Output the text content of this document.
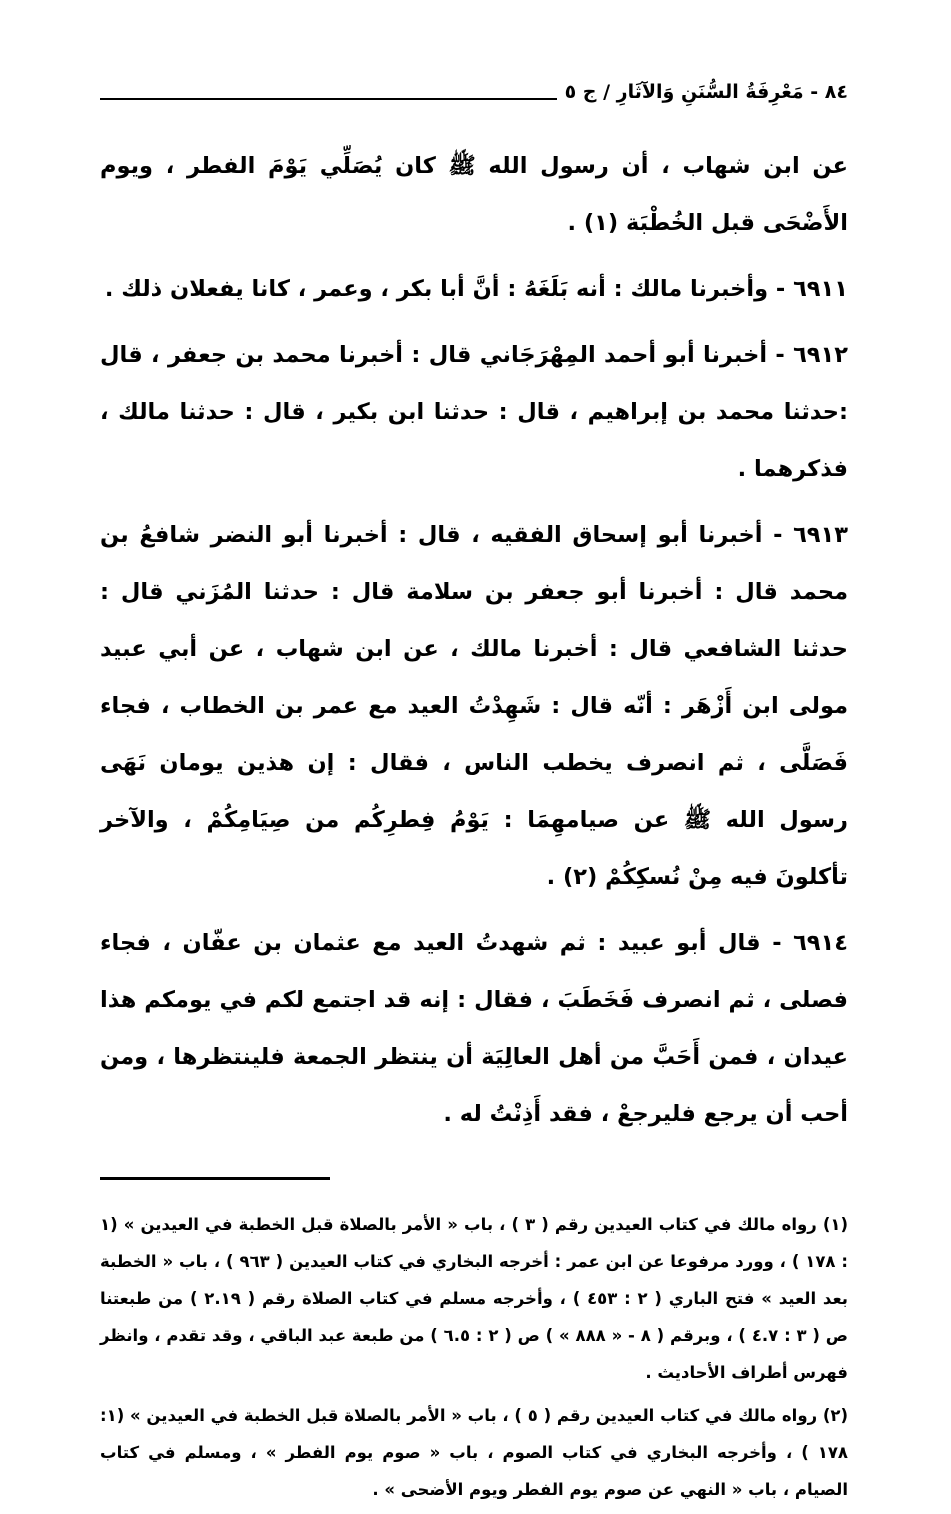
٨٤ - مَعْرِفَةُ السُّنَنِ وَالآثَارِ / ج ٥

عن ابن شهاب ، أن رسول الله ﷺ كان يُصَلِّي يَوْمَ الفطر ، ويوم الأَضْحَى قبل الخُطْبَة (١) .

٦٩١١ - وأخبرنا مالك : أنه بَلَغَهُ : أنَّ أبا بكر ، وعمر ، كانا يفعلان ذلك .

٦٩١٢ - أخبرنا أبو أحمد المِهْرَجَاني قال : أخبرنا محمد بن جعفر ، قال :حدثنا محمد بن إبراهيم ، قال : حدثنا ابن بكير ، قال : حدثنا مالك ، فذكرهما .

٦٩١٣ - أخبرنا أبو إسحاق الفقيه ، قال : أخبرنا أبو النضر شافعُ بن محمد قال : أخبرنا أبو جعفر بن سلامة قال : حدثنا المُزَني قال : حدثنا الشافعي قال : أخبرنا مالك ، عن ابن شهاب ، عن أبي عبيد مولى ابن أَزْهَر : أنّه قال : شَهِدْتُ العيد مع عمر بن الخطاب ، فجاء فَصَلَّى ، ثم انصرف يخطب الناس ، فقال : إن هذين يومان نَهَى رسول الله ﷺ عن صيامهِمَا : يَوْمُ فِطرِكُم من صِيَامِكُمْ ، والآخر تأكلونَ فيه مِنْ نُسكِكُمْ (٢) .

٦٩١٤ - قال أبو عبيد : ثم شهدتُ العيد مع عثمان بن عفّان ، فجاء فصلى ، ثم انصرف فَخَطَبَ ، فقال : إنه قد اجتمع لكم في يومكم هذا عيدان ، فمن أَحَبَّ من أهل العالِيَة أن ينتظر الجمعة فلينتظرها ، ومن أحب أن يرجع فليرجعْ ، فقد أَذِنْتُ له .

(١) رواه مالك في كتاب العيدين رقم ( ٣ ) ، باب « الأمر بالصلاة قبل الخطبة في العيدين » (١ : ١٧٨ ) ، وورد مرفوعا عن ابن عمر : أخرجه البخاري في كتاب العيدين ( ٩٦٣ ) ، باب « الخطبة بعد العيد » فتح الباري ( ٢ : ٤٥٣ ) ، وأخرجه مسلم في كتاب الصلاة رقم ( ٢.١٩ ) من طبعتنا ص ( ٣ : ٤.٧ ) ، وبرقم ( ٨ - « ٨٨٨ » ) ص ( ٢ : ٦.٥ ) من طبعة عبد الباقي ، وقد تقدم ، وانظر فهرس أطراف الأحاديث .

(٢) رواه مالك في كتاب العيدين رقم ( ٥ ) ، باب « الأمر بالصلاة قبل الخطبة في العيدين » (١: ١٧٨ ) ، وأخرجه البخاري في كتاب الصوم ، باب « صوم يوم الفطر » ، ومسلم في كتاب الصيام ، باب « النهي عن صوم يوم الفطر ويوم الأضحى » .
